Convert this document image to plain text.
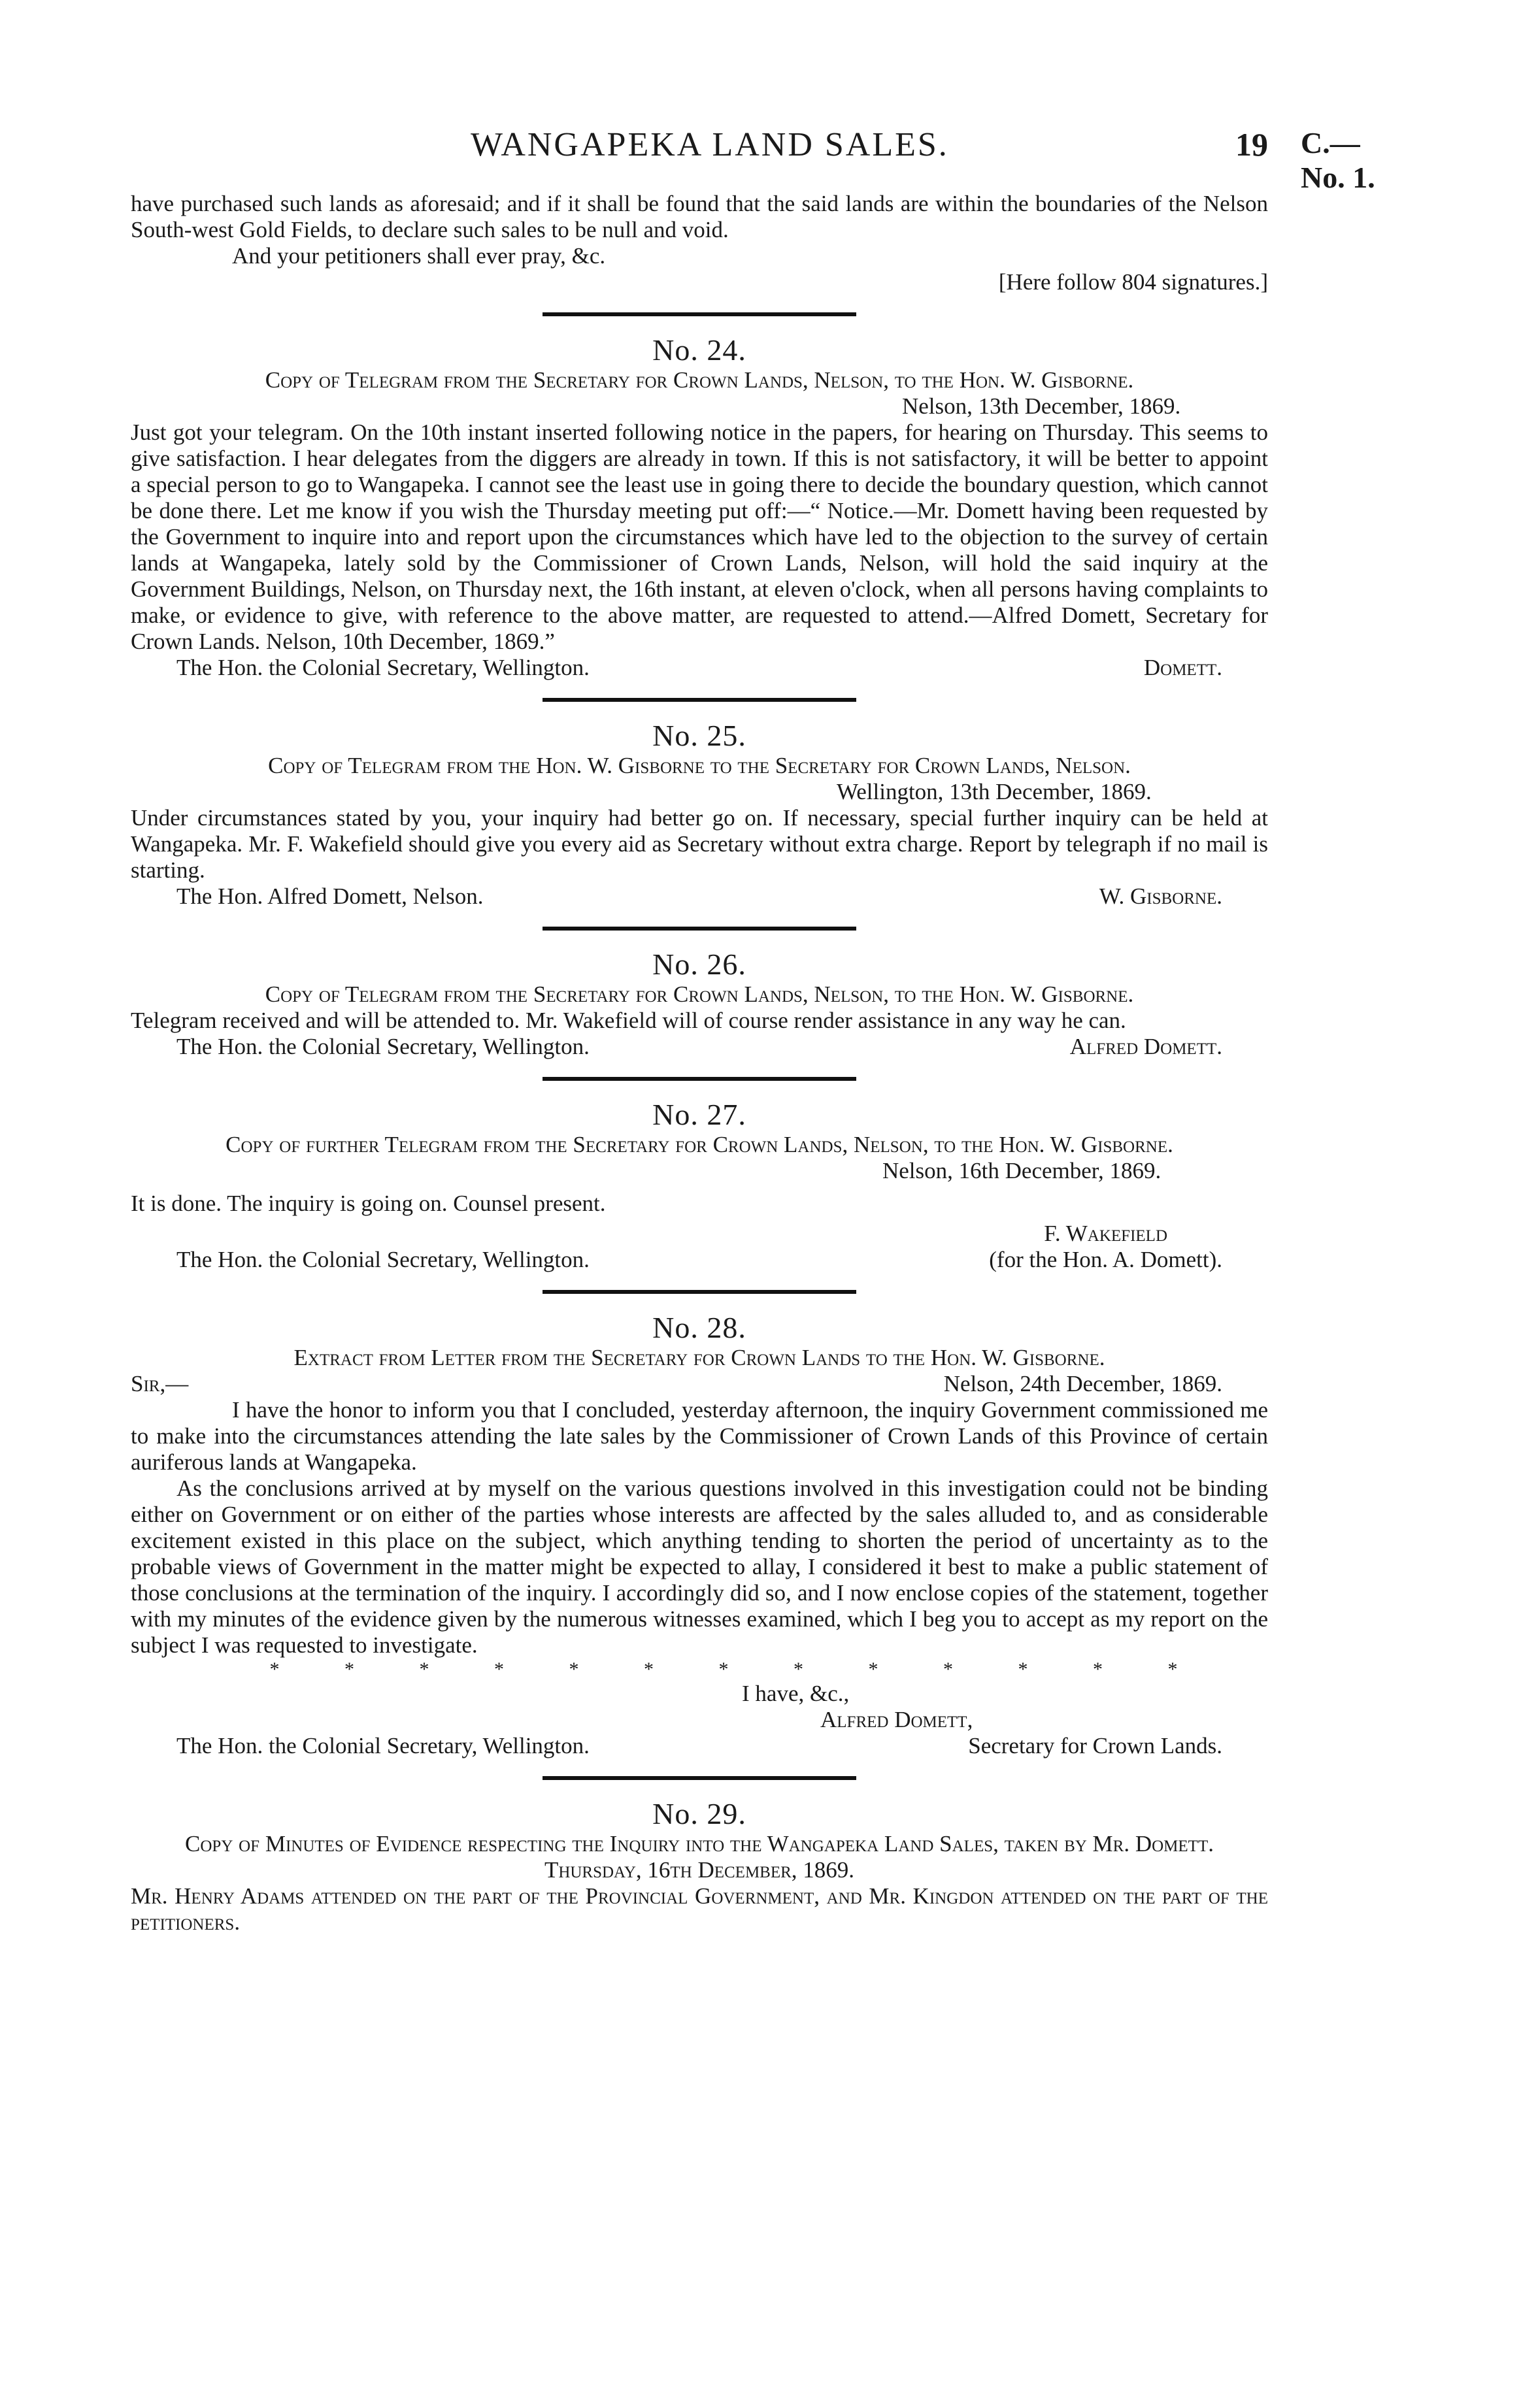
WANGAPEKA LAND SALES.	19 C.—No. 1.

have purchased such lands as aforesaid; and if it shall be found that the said lands are within the boundaries of the Nelson South-west Gold Fields, to declare such sales to be null and void.

And your petitioners shall ever pray, &c.

[Here follow 804 signatures.]

No. 24.

Copy of Telegram from the Secretary for Crown Lands, Nelson, to the Hon. W. Gisborne.

Nelson, 13th December, 1869.

Just got your telegram. On the 10th instant inserted following notice in the papers, for hearing on Thursday. This seems to give satisfaction. I hear delegates from the diggers are already in town. If this is not satisfactory, it will be better to appoint a special person to go to Wangapeka. I cannot see the least use in going there to decide the boundary question, which cannot be done there. Let me know if you wish the Thursday meeting put off:—“ Notice.—Mr. Domett having been requested by the Government to inquire into and report upon the circumstances which have led to the objection to the survey of certain lands at Wangapeka, lately sold by the Commissioner of Crown Lands, Nelson, will hold the said inquiry at the Government Buildings, Nelson, on Thursday next, the 16th instant, at eleven o'clock, when all persons having complaints to make, or evidence to give, with reference to the above matter, are requested to attend.—Alfred Domett, Secretary for Crown Lands. Nelson, 10th December, 1869.”

The Hon. the Colonial Secretary, Wellington.	Domett.
No. 25.

Copy of Telegram from the Hon. W. Gisborne to the Secretary for Crown Lands, Nelson.

Wellington, 13th December, 1869.

Under circumstances stated by you, your inquiry had better go on. If necessary, special further inquiry can be held at Wangapeka. Mr. F. Wakefield should give you every aid as Secretary without extra charge. Report by telegraph if no mail is starting.

The Hon. Alfred Domett, Nelson.	W. Gisborne.
No. 26.

Copy of Telegram from the Secretary for Crown Lands, Nelson, to the Hon. W. Gisborne.

Telegram received and will be attended to. Mr. Wakefield will of course render assistance in any way he can.

The Hon. the Colonial Secretary, Wellington.	Alfred Domett.
No. 27.

Copy of further Telegram from the Secretary for Crown Lands, Nelson, to the Hon. W. Gisborne.

Nelson, 16th December, 1869.

It is done. The inquiry is going on. Counsel present.

The Hon. the Colonial Secretary, Wellington.
F. Wakefield
(for the Hon. A. Domett).
No. 28.

Extract from Letter from the Secretary for Crown Lands to the Hon. W. Gisborne.

Sir,—	Nelson, 24th December, 1869.

I have the honor to inform you that I concluded, yesterday afternoon, the inquiry Government commissioned me to make into the circumstances attending the late sales by the Commissioner of Crown Lands of this Province of certain auriferous lands at Wangapeka.

As the conclusions arrived at by myself on the various questions involved in this investigation could not be binding either on Government or on either of the parties whose interests are affected by the sales alluded to, and as considerable excitement existed in this place on the subject, which anything tending to shorten the period of uncertainty as to the probable views of Government in the matter might be expected to allay, I considered it best to make a public statement of those conclusions at the termination of the inquiry. I accordingly did so, and I now enclose copies of the statement, together with my minutes of the evidence given by the numerous witnesses examined, which I beg you to accept as my report on the subject I was requested to investigate.

* * * * * * * * * * * * *

I have, &c.,

Alfred Domett,

The Hon. the Colonial Secretary, Wellington.	Secretary for Crown Lands.
No. 29.

Copy of Minutes of Evidence respecting the Inquiry into the Wangapeka Land Sales, taken by Mr. Domett.

Thursday, 16th December, 1869.

Mr. Henry Adams attended on the part of the Provincial Government, and Mr. Kingdon attended on the part of the petitioners.
